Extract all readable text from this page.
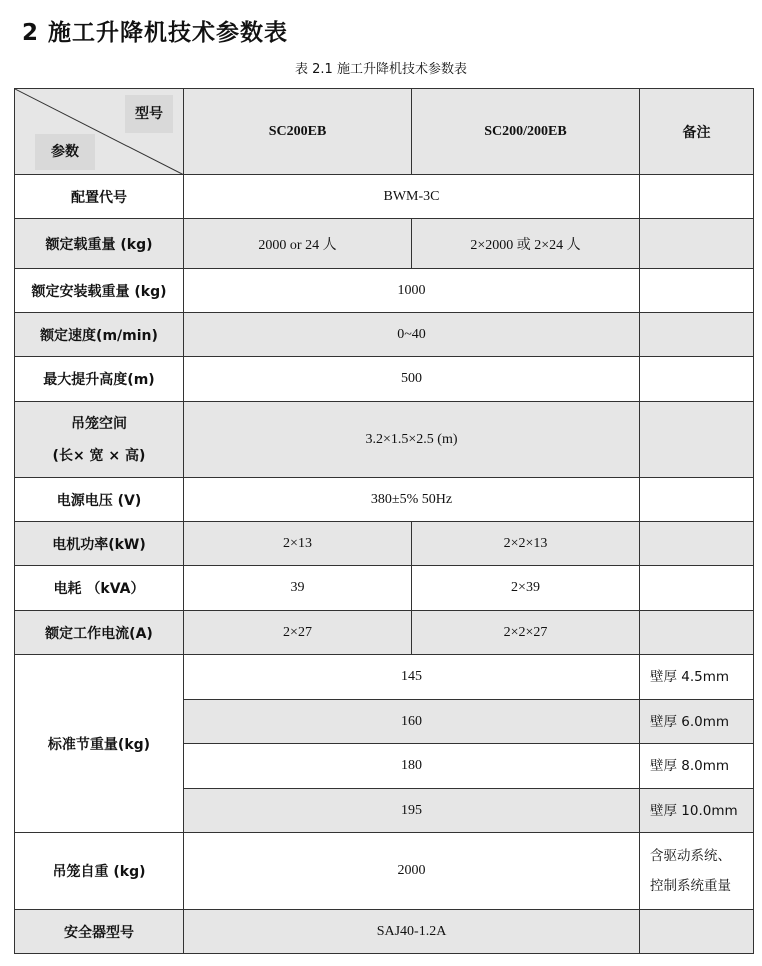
2 施工升降机技术参数表
表 2.1 施工升降机技术参数表
型号
参数	SC200EB	SC200/200EB	备注
配置代号	BWM-3C		
额定载重量 (kg)	2000 or 24 人	2×2000 或 2×24 人	
额定安装载重量 (kg)	1000		
额定速度(m/min)	0~40		
最大提升高度(m)	500		

吊笼空间
(长× 宽 × 高)	3.2×1.5×2.5 (m)		
电源电压 (V)	380±5% 50Hz		
电机功率(kW)	2×13	2×2×13	
电耗 （kVA）	39	2×39	
额定工作电流(A)	2×27	2×2×27	
标准节重量(kg)	145		壁厚 4.5mm
	160		壁厚 6.0mm
	180		壁厚 8.0mm
	195		壁厚 10.0mm
吊笼自重 (kg)	2000		含驱动系统、
控制系统重量

安全器型号	SAJ40-1.2A		
